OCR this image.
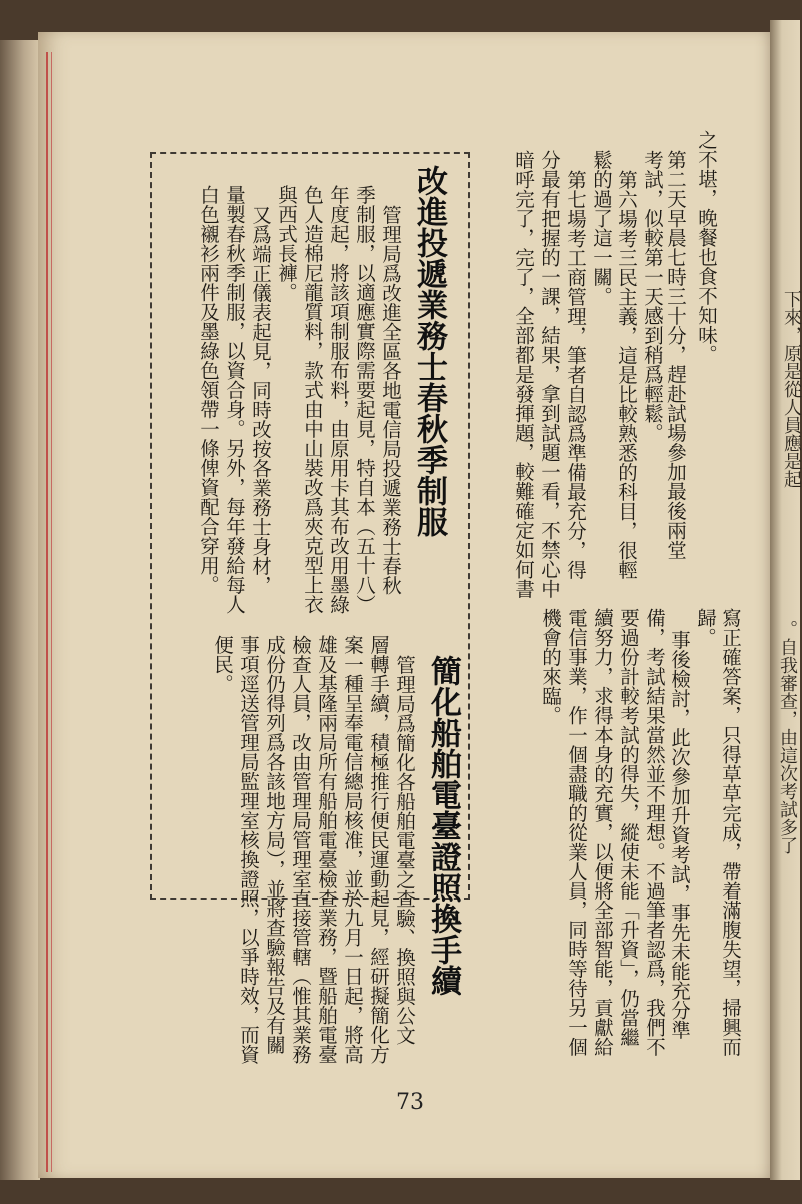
下來，原是從人員應是起
。自我審查，由這次考試多了
之不堪，晚餐也食不知味。
第二天早晨七時三十分，趕赴試場參加最後兩堂
考試，似較第一天感到稍爲輕鬆。
第六場考三民主義，這是比較熟悉的科目，很輕
鬆的過了這一關。
第七場考工商管理，筆者自認爲準備最充分，得
分最有把握的一課，結果，拿到試題一看，不禁心中
暗呼完了，完了，全部都是發揮題，較難確定如何書
寫正確答案，只得草草完成，帶着滿腹失望，掃興而
歸。
事後檢討，此次參加升資考試，事先未能充分準
備，考試結果當然並不理想。不過筆者認爲，我們不
要過份計較考試的得失，縱使未能「升資」，仍當繼
續努力，求得本身的充實，以便將全部智能，貢獻給
電信事業，作一個盡職的從業人員，同時等待另一個
機會的來臨。
改進投遞業務士春秋季制服
管理局爲改進全區各地電信局投遞業務士春秋
季制服，以適應實際需要起見，特自本（五十八）
年度起，將該項制服布料，由原用卡其布改用墨綠
色人造棉尼龍質料，款式由中山裝改爲夾克型上衣
與西式長褲。
又爲端正儀表起見，同時改按各業務士身材，
量製春秋季制服，以資合身。另外，每年發給每人
白色襯衫兩件及墨綠色領帶一條俾資配合穿用。
簡化船舶電臺證照換手續
管理局爲簡化各船舶電臺之查驗、換照與公文
層轉手續，積極推行便民運動起見，經研擬簡化方
案一種呈奉電信總局核准，並於九月一日起，將高
雄及基隆兩局所有船舶電臺檢查業務，暨船舶電臺
檢查人員，改由管理局管理室直接管轄（惟其業務
成份仍得列爲各該地方局），並將查驗報告及有關
事項逕送管理局監理室核換證照，以爭時效，而資
便民。
73
